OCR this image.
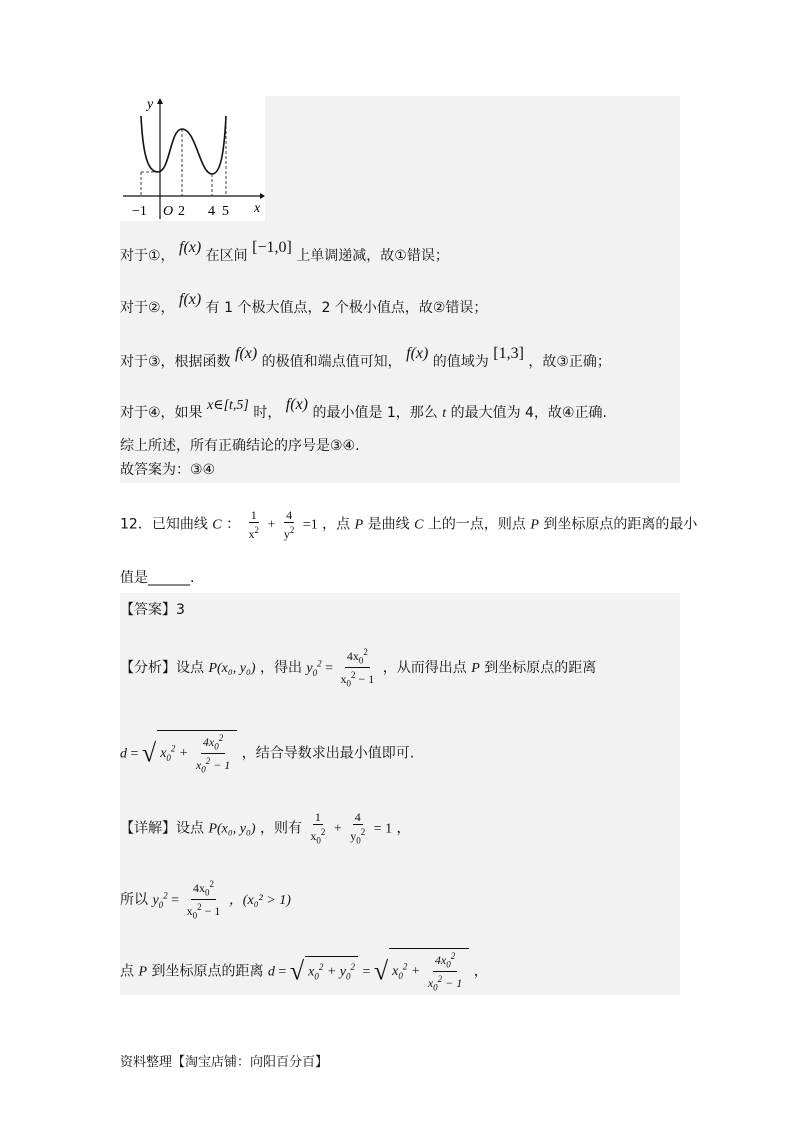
y
x
O
−1 2 4 5
对于①， f(x) 在区间 [−1,0] 上单调递减，故①错误；
对于②， f(x) 有 1 个极大值点，2 个极小值点，故②错误；
对于③，根据函数 f(x) 的极值和端点值可知， f(x) 的值域为 [1,3] ，故③正确；
对于④，如果 x∈[t,5] 时， f(x) 的最小值是 1，那么 t 的最大值为 4，故④正确.
综上所述，所有正确结论的序号是③④.
故答案为：③④
12．已知曲线 C ： $\frac{1}{x^2} + \frac{4}{y^2} =1$ ，点 P 是曲线 C 上的一点，则点 P 到坐标原点的距离的最小
值是______.
【答案】3
【分析】设点 P(x₀, y₀) ，得出 $y_0^2 = \frac{4x_0^2}{x_0^2 - 1}$ ，从而得出点 P 到坐标原点的距离
d = √ $x_0^2 + \frac{4x_0^2}{x_0^2 - 1}$ ，结合导数求出最小值即可.
【详解】设点 P(x₀, y₀) ，则有 $\frac{1}{x_0^2} + \frac{4}{y_0^2} = 1$ ，
所以 $y_0^2 = \frac{4x_0^2}{x_0^2 - 1}$ ，(x₀² > 1)
点 P 到坐标原点的距离 d = √ $x_0^2 + y_0^2$ = √ $x_0^2 + \frac{4x_0^2}{x_0^2 - 1}$ ，
资料整理【淘宝店铺：向阳百分百】
